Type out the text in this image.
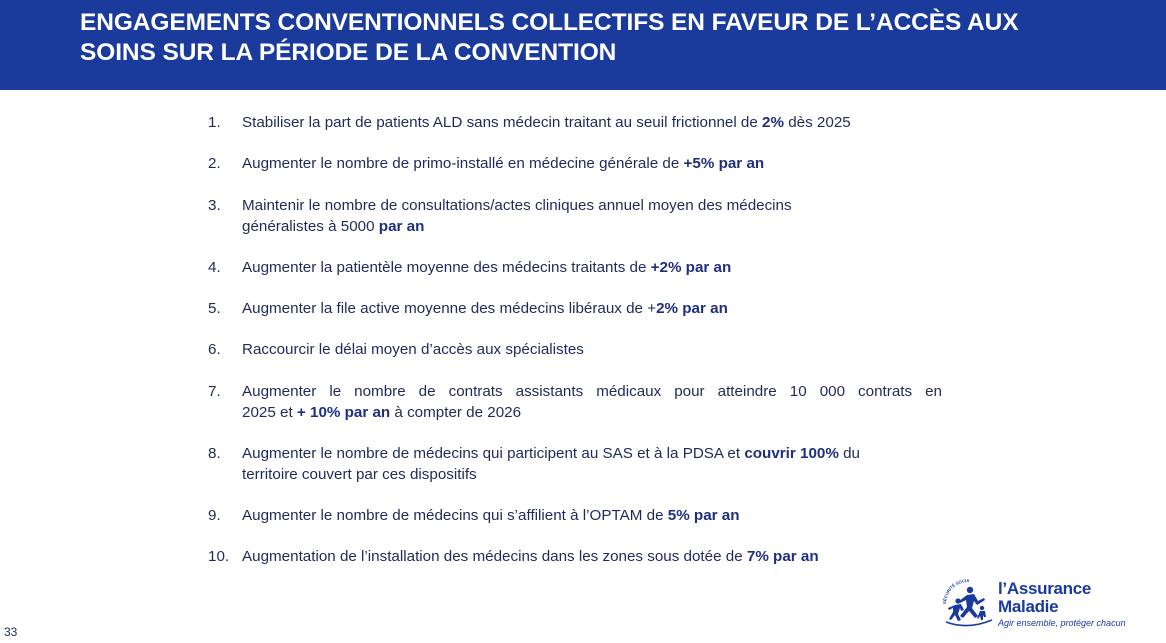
ENGAGEMENTS CONVENTIONNELS COLLECTIFS EN FAVEUR DE L’ACCÈS AUX
SOINS SUR LA PÉRIODE DE LA CONVENTION
1.	Stabiliser la part de patients ALD sans médecin traitant au seuil frictionnel de 2% dès 2025
2.	Augmenter le nombre de primo-installé en médecine générale de +5% par an
3.	Maintenir le nombre de consultations/actes cliniques annuel moyen des médecins
généralistes à 5000 par an
4.	Augmenter la patientèle moyenne des médecins traitants de +2% par an
5.	Augmenter la file active moyenne des médecins libéraux de +2% par an
6.	Raccourcir le délai moyen d’accès aux spécialistes
7.	Augmenter le nombre de contrats assistants médicaux pour atteindre 10 000 contrats en
2025 et + 10% par an à compter de 2026
8.	Augmenter le nombre de médecins qui participent au SAS et à la PDSA et couvrir 100% du
territoire couvert par ces dispositifs
9.	Augmenter le nombre de médecins qui s’affilient à l’OPTAM de 5% par an
10. Augmentation de l’installation des médecins dans les zones sous dotée de 7% par an
33
SÉCURITÉ SOCIA l’Assurance
Maladie
Agir ensemble, protéger chacun
